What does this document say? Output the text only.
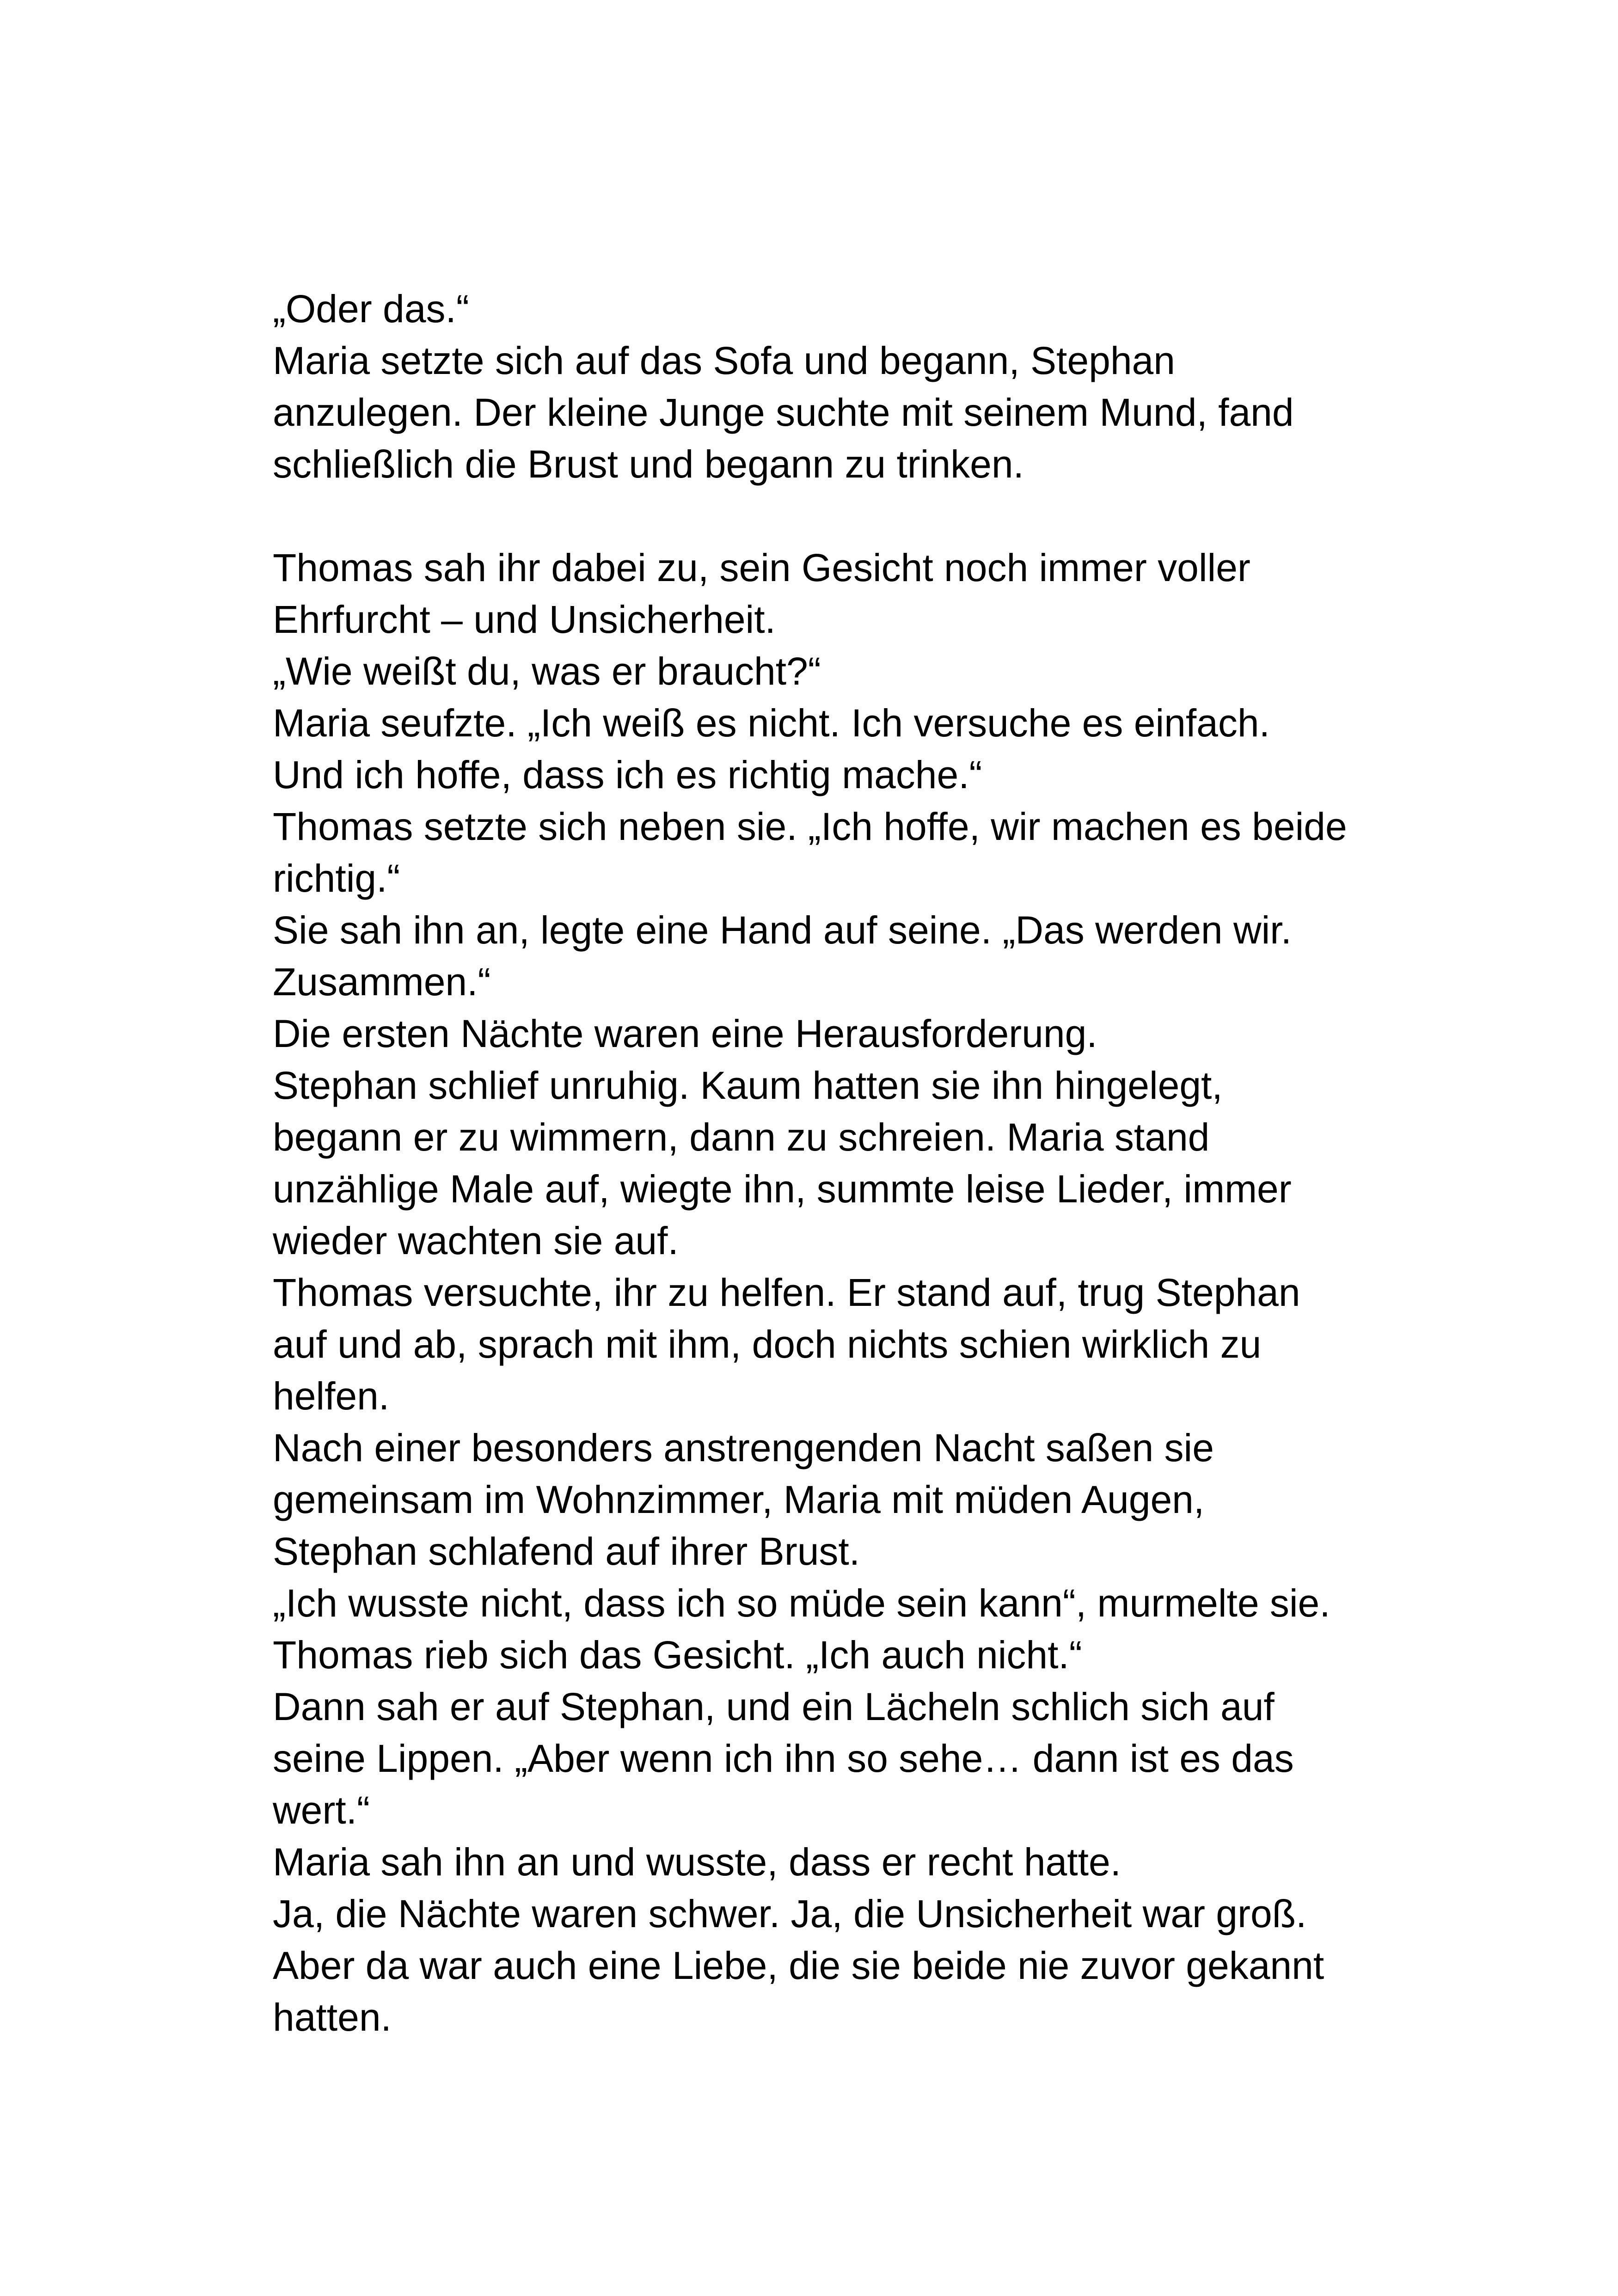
„Oder das.“
Maria setzte sich auf das Sofa und begann, Stephan
anzulegen. Der kleine Junge suchte mit seinem Mund, fand
schließlich die Brust und begann zu trinken.
Thomas sah ihr dabei zu, sein Gesicht noch immer voller
Ehrfurcht – und Unsicherheit.
„Wie weißt du, was er braucht?“
Maria seufzte. „Ich weiß es nicht. Ich versuche es einfach.
Und ich hoffe, dass ich es richtig mache.“
Thomas setzte sich neben sie. „Ich hoffe, wir machen es beide
richtig.“
Sie sah ihn an, legte eine Hand auf seine. „Das werden wir.
Zusammen.“
Die ersten Nächte waren eine Herausforderung.
Stephan schlief unruhig. Kaum hatten sie ihn hingelegt,
begann er zu wimmern, dann zu schreien. Maria stand
unzählige Male auf, wiegte ihn, summte leise Lieder, immer
wieder wachten sie auf.
Thomas versuchte, ihr zu helfen. Er stand auf, trug Stephan
auf und ab, sprach mit ihm, doch nichts schien wirklich zu
helfen.
Nach einer besonders anstrengenden Nacht saßen sie
gemeinsam im Wohnzimmer, Maria mit müden Augen,
Stephan schlafend auf ihrer Brust.
„Ich wusste nicht, dass ich so müde sein kann“, murmelte sie.
Thomas rieb sich das Gesicht. „Ich auch nicht.“
Dann sah er auf Stephan, und ein Lächeln schlich sich auf
seine Lippen. „Aber wenn ich ihn so sehe… dann ist es das
wert.“
Maria sah ihn an und wusste, dass er recht hatte.
Ja, die Nächte waren schwer. Ja, die Unsicherheit war groß.
Aber da war auch eine Liebe, die sie beide nie zuvor gekannt
hatten.
